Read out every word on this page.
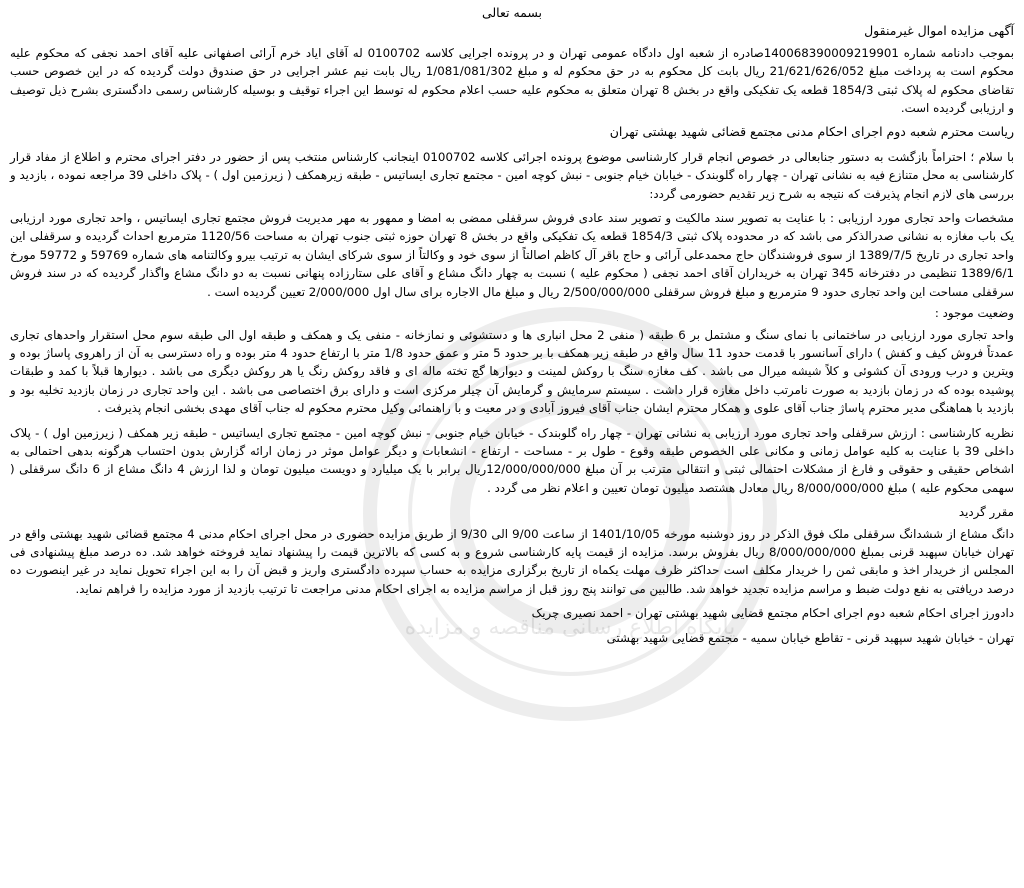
پایگاه اطلاع رسانی مناقصه و مزایده

بسمه تعالی

آگهی مزایده اموال غیرمنقول

بموجب دادنامه شماره 140068390009219901صادره از شعبه اول دادگاه عمومی تهران و در پرونده اجرایی کلاسه 0100702 له آقای ایاد خرم آرائی اصفهانی علیه آقای احمد نجفی که محکوم علیه محکوم است به پرداخت مبلغ 21/621/626/052 ریال بابت کل محکوم به در حق محکوم له و مبلغ 1/081/081/302 ریال بابت نیم عشر اجرایی در حق صندوق دولت گردیده که در این خصوص حسب تقاضای محکوم له پلاک ثبتی 1854/3 قطعه یک تفکیکی واقع در بخش 8 تهران متعلق به محکوم علیه حسب اعلام محکوم له توسط این اجراء توقیف و بوسیله کارشناس رسمی دادگستری بشرح ذیل توصیف و ارزیابی گردیده است.

ریاست محترم شعبه دوم اجرای احکام مدنی مجتمع قضائی شهید بهشتی تهران

با سلام ؛ احتراماً بازگشت به دستور جنابعالی در خصوص انجام قرار کارشناسی موضوع پرونده اجرائی کلاسه 0100702 اینجانب کارشناس منتخب پس از حضور در دفتر اجرای محترم و اطلاع از مفاد قرار کارشناسی به محل متنازع فیه به نشانی تهران - چهار راه گلوبندک - خیابان خیام جنوبی - نبش کوچه امین - مجتمع تجاری ایساتیس - طبقه زیرهمکف ( زیرزمین اول ) - پلاک داخلی 39 مراجعه نموده ، بازدید و بررسی های لازم انجام پذیرفت که نتیجه به شرح زیر تقدیم حضورمی گردد:

مشخصات واحد تجاری مورد ارزیابی : با عنایت به تصویر سند مالکیت و تصویر سند عادی فروش سرقفلی ممضی به امضا و ممهور به مهر مدیریت فروش مجتمع تجاری ایساتیس ، واحد تجاری مورد ارزیابی یک باب مغازه به نشانی صدرالذکر می باشد که در محدوده پلاک ثبتی 1854/3 قطعه یک تفکیکی واقع در بخش 8 تهران حوزه ثبتی جنوب تهران به مساحت 1120/56 مترمربع احداث گردیده و سرقفلی این واحد تجاری در تاریخ 1389/7/5 از سوی فروشندگان حاج محمدعلی آرائی و حاج باقر آل کاظم اصالتاً از سوی خود و وکالتاً از سوی شرکای ایشان به ترتیب بیرو وکالتنامه های شماره 59769 و 59772 مورخ 1389/6/1 تنظیمی در دفترخانه 345 تهران به خریداران آقای احمد نجفی ( محکوم علیه ) نسبت به چهار دانگ مشاع و آقای علی ستارزاده پنهانی نسبت به دو دانگ مشاع واگذار گردیده که در سند فروش سرقفلی مساحت این واحد تجاری حدود 9 مترمربع و مبلغ فروش سرقفلی 2/500/000/000 ریال و مبلغ مال الاجاره برای سال اول 2/000/000 تعیین گردیده است .

وضعیت موجود :

واحد تجاری مورد ارزیابی در ساختمانی با نمای سنگ و مشتمل بر 6 طبقه ( منفی 2 محل انباری ها و دستشوئی و نمازخانه - منفی یک و همکف و طبقه اول الی طبقه سوم محل استقرار واحدهای تجاری عمدتاً فروش کیف و کفش ) دارای آسانسور با قدمت حدود 11 سال واقع در طبقه زیر همکف با بر حدود 5 متر و عمق حدود 1/8 متر با ارتفاع حدود 4 متر بوده و راه دسترسی به آن از راهروی پاساژ بوده و ویترین و درب ورودی آن کشوئی و کلاً شیشه میرال می باشد . کف مغازه سنگ با روکش لمینت و دیوارها گچ تخته ماله ای و فاقد روکش رنگ یا هر روکش دیگری می باشد . دیوارها قبلاً با کمد و طبقات پوشیده بوده که در زمان بازدید به صورت نامرتب داخل مغازه قرار داشت . سیستم سرمایش و گرمایش آن چیلر مرکزی است و دارای برق اختصاصی می باشد . این واحد تجاری در زمان بازدید تخلیه بود و بازدید با هماهنگی مدیر محترم پاساژ جناب آقای علوی و همکار محترم ایشان جناب آقای فیروز آبادی و در معیت و با راهنمائی وکیل محترم محکوم له جناب آقای مهدی بخشی انجام پذیرفت .

نظریه کارشناسی : ارزش سرقفلی واحد تجاری مورد ارزیابی به نشانی تهران - چهار راه گلوبندک - خیابان خیام جنوبی - نبش کوچه امین - مجتمع تجاری ایساتیس - طبقه زیر همکف ( زیرزمین اول ) - پلاک داخلی 39 با عنایت به کلیه عوامل زمانی و مکانی علی الخصوص طبقه وقوع - طول بر - مساحت - ارتفاع - انشعابات و دیگر عوامل موثر در زمان ارائه گزارش بدون احتساب هرگونه بدهی احتمالی به اشخاص حقیقی و حقوقی و فارغ از مشکلات احتمالی ثبتی و انتقالی مترتب بر آن مبلغ 12/000/000/000ریال برابر با یک میلیارد و دویست میلیون تومان و لذا ارزش 4 دانگ مشاع از 6 دانگ سرقفلی ( سهمی محکوم علیه ) مبلغ 8/000/000/000 ریال معادل هشتصد میلیون تومان تعیین و اعلام نظر می گردد .

مقرر گردید

دانگ مشاع از ششدانگ سرقفلی ملک فوق الذکر در روز دوشنبه مورخه 1401/10/05 از ساعت 9/00 الی 9/30 از طریق مزایده حضوری در محل اجرای احکام مدنی 4 مجتمع قضائی شهید بهشتی واقع در تهران خیابان سپهبد قرنی بمبلغ 8/000/000/000 ریال بفروش برسد. مزایده از قیمت پایه کارشناسی شروع و به کسی که بالاترین قیمت را پیشنهاد نماید فروخته خواهد شد. ده درصد مبلغ پیشنهادی فی المجلس از خریدار اخذ و مابقی ثمن را خریدار مکلف است حداکثر ظرف مهلت یکماه از تاریخ برگزاری مزایده به حساب سپرده دادگستری واریز و قبض آن را به این اجراء تحویل نماید در غیر اینصورت ده درصد دریافتی به نفع دولت ضبط و مراسم مزایده تجدید خواهد شد. طالبین می توانند پنج روز قبل از مراسم مزایده به اجرای احکام مدنی مراجعت تا ترتیب بازدید از مورد مزایده را فراهم نماید.

دادورز اجرای احکام شعبه دوم اجرای احکام مجتمع قضایی شهید بهشتی تهران - احمد نصیری چریک

تهران - خیابان شهید سپهبد قرنی - تقاطع خیابان سمیه - مجتمع قضایی شهید بهشتی
